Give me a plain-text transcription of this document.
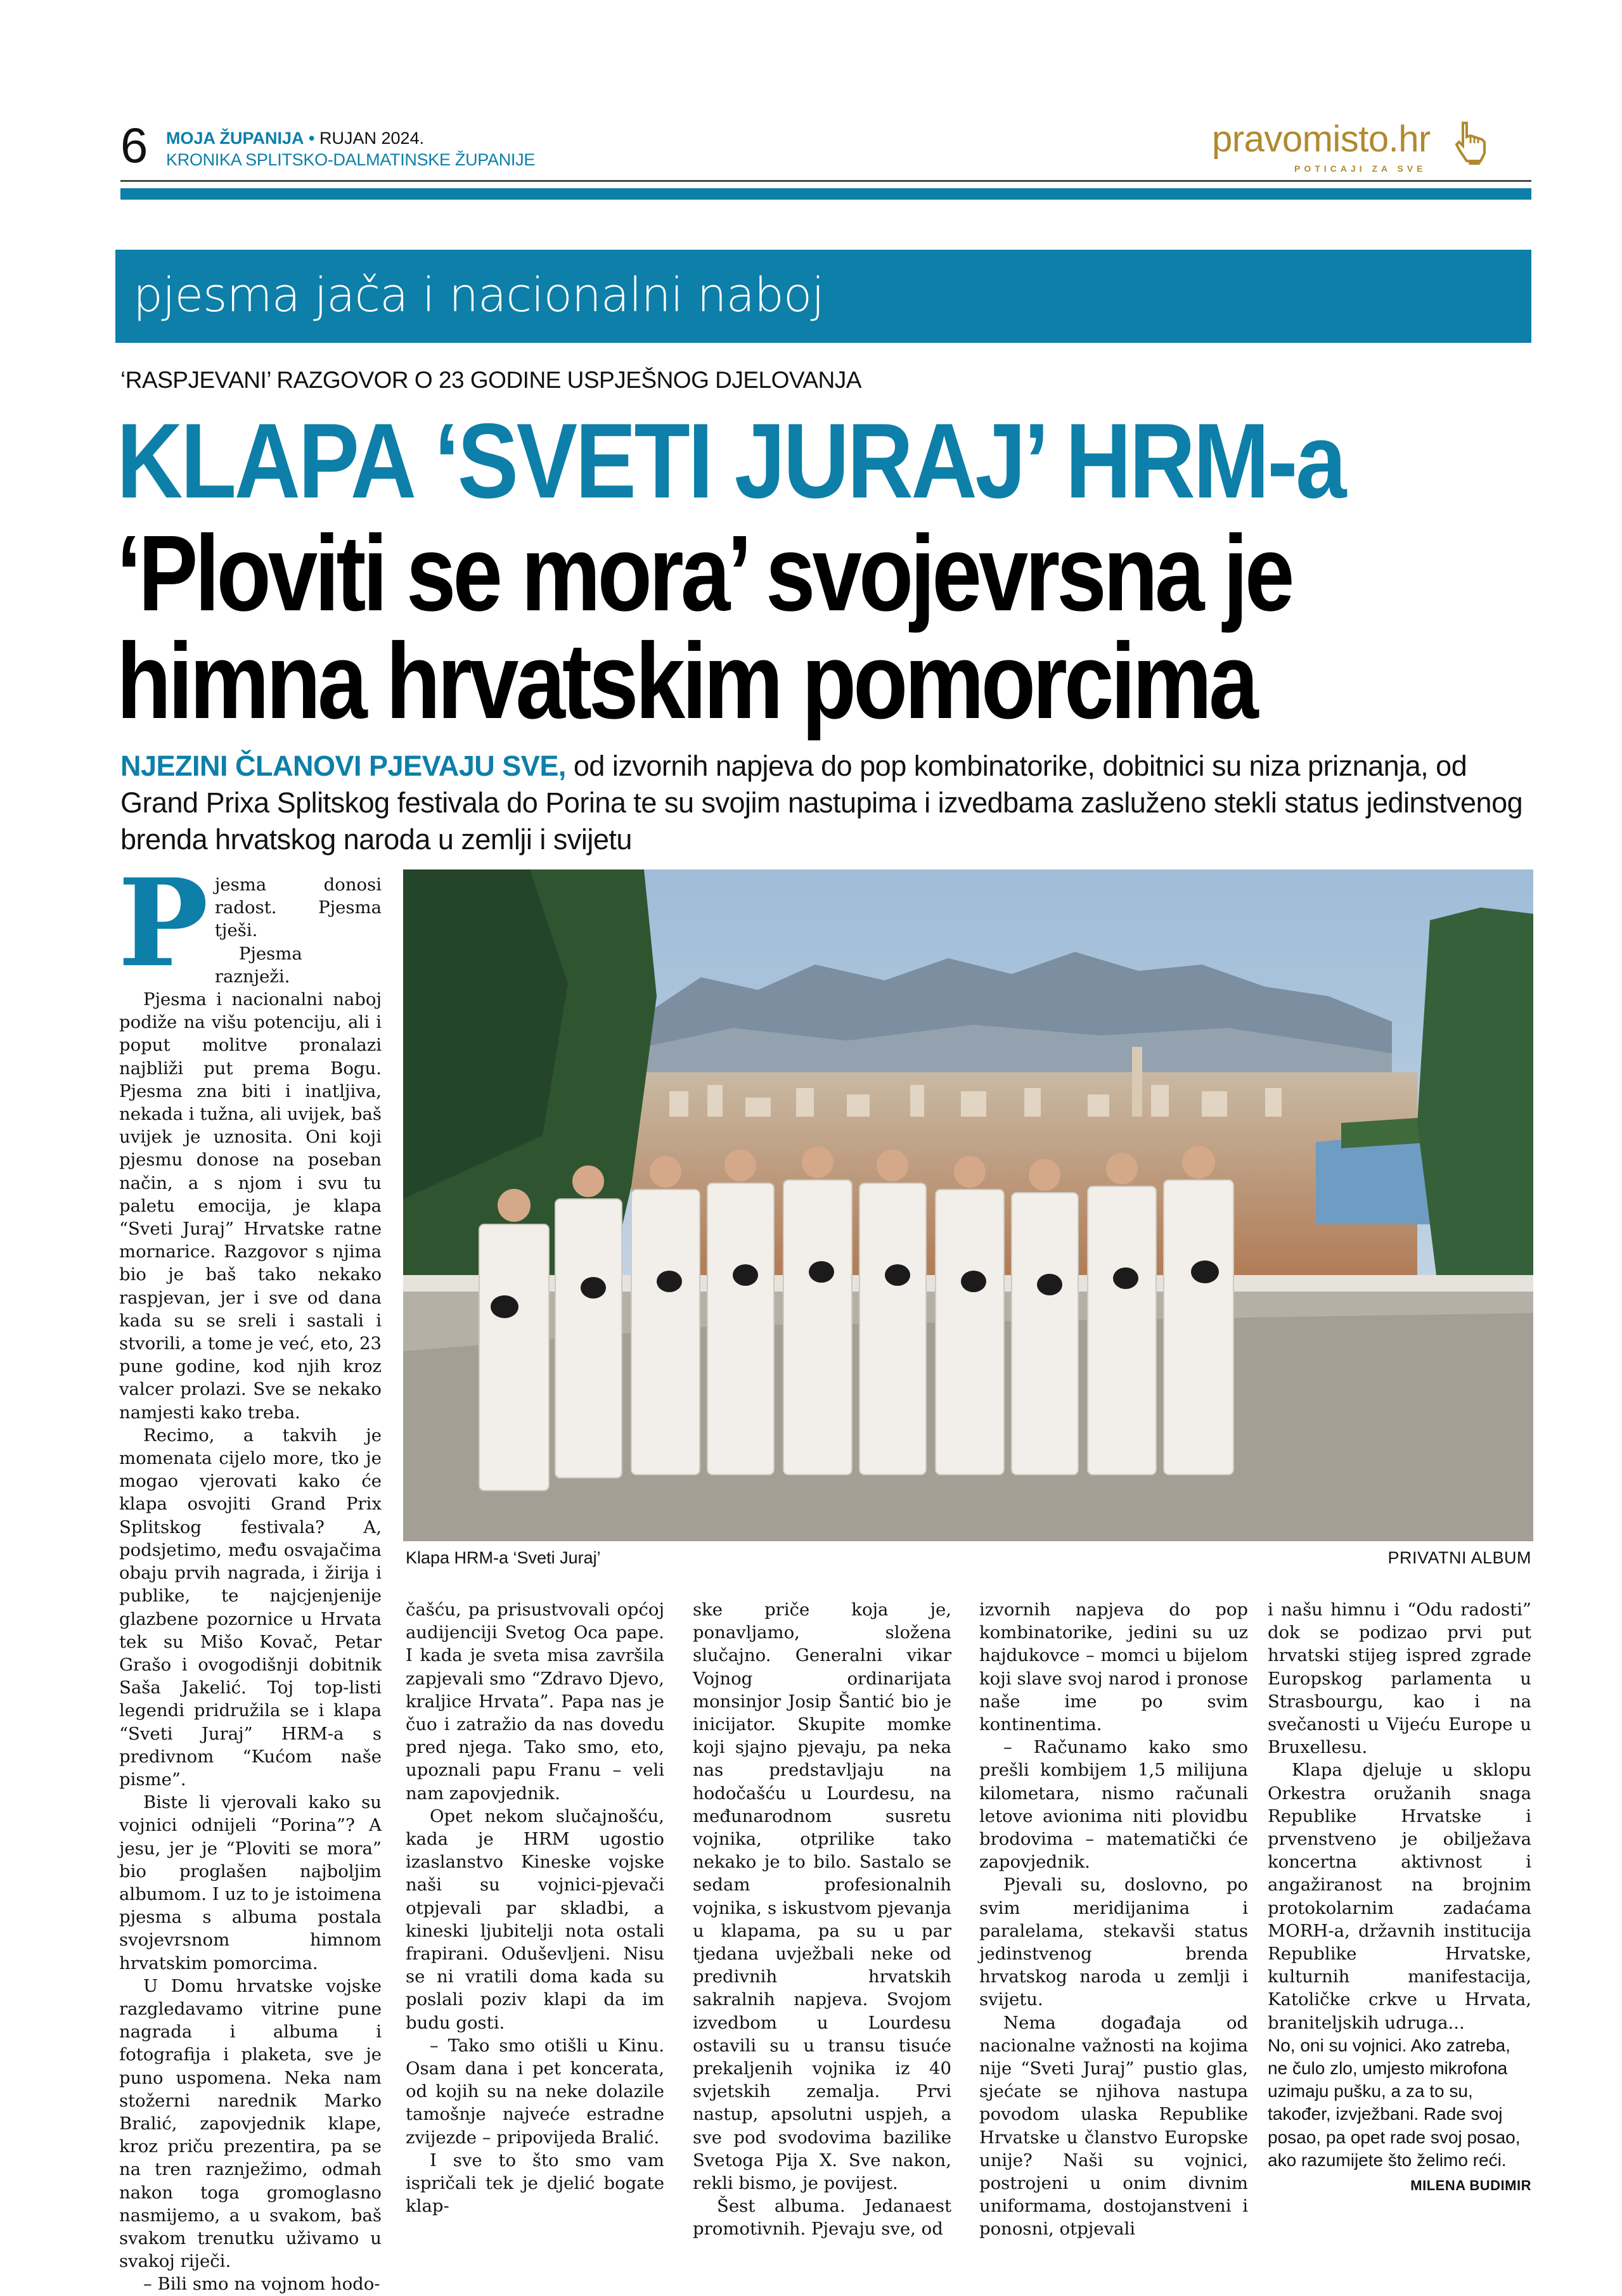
6 MOJA ŽUPANIJA • RUJAN 2024.
KRONIKA SPLITSKO-DALMATINSKE ŽUPANIJE	pravomisto.hr
POTICAJI ZA SVE
pjesma jača i nacionalni naboj
‘RASPJEVANI’ RAZGOVOR O 23 GODINE USPJEŠNOG DJELOVANJA
KLAPA ‘SVETI JURAJ’ HRM-a
‘Ploviti se mora’ svojevrsna je
himna hrvatskim pomorcima
NJEZINI ČLANOVI PJEVAJU SVE, od izvornih napjeva do pop kombinatorike, dobitnici su niza priznanja, od Grand Prixa Splitskog festivala do Porina te su svojim nastupima i izvedbama zasluženo stekli status jedinstvenog brenda hrvatskog naroda u zemlji i svijetu
Klapa HRM-a ‘Sveti Juraj’	PRIVATNI ALBUM
P jesma donosi radost. Pjesma tješi.

Pjesma raznježi.

Pjesma i nacionalni naboj podiže na višu potenciju, ali i poput molitve pronalazi najbliži put prema Bogu. Pjesma zna biti i inatljiva, nekada i tužna, ali uvijek, baš uvijek je uznosita. Oni koji pjesmu donose na poseban način, a s njom i svu tu paletu emocija, je klapa “Sveti Juraj” Hrvatske ratne mornarice. Razgovor s njima bio je baš tako nekako raspjevan, jer i sve od dana kada su se sreli i sastali i stvorili, a tome je već, eto, 23 pune godine, kod njih kroz valcer prolazi. Sve se nekako namjesti kako treba.

Recimo, a takvih je momenata cijelo more, tko je mogao vjerovati kako će klapa osvojiti Grand Prix Splitskog festivala? A, podsjetimo, među osvajačima obaju prvih nagrada, i žirija i publike, te najcjenjenije glazbene pozornice u Hrvata tek su Mišo Kovač, Petar Grašo i ovogodišnji dobitnik Saša Jakelić. Toj top-listi legendi pridružila se i klapa “Sveti Juraj” HRM-a s predivnom “Kućom naše pisme”.

Biste li vjerovali kako su vojnici odnijeli “Porina”? A jesu, jer je “Ploviti se mora” bio proglašen najboljim albumom. I uz to je istoimena pjesma s albuma postala svojevrsnom himnom hrvatskim pomorcima.

U Domu hrvatske vojske razgledavamo vitrine pune nagrada i albuma i fotografija i plaketa, sve je puno uspomena. Neka nam stožerni narednik Marko Bralić, zapovjednik klape, kroz priču prezentira, pa se na tren raznježimo, odmah nakon toga gromoglasno nasmijemo, a u svakom, baš svakom trenutku uživamo u svakoj riječi.

– Bili smo na vojnom hodo-

čašću, pa prisustvovali općoj audijenciji Svetog Oca pape. I kada je sveta misa završila zapjevali smo “Zdravo Djevo, kraljice Hrvata”. Papa nas je čuo i zatražio da nas dovedu pred njega. Tako smo, eto, upoznali papu Franu – veli nam zapovjednik.

Opet nekom slučajnošću, kada je HRM ugostio izaslanstvo Kineske vojske naši su vojnici-pjevači otpjevali par skladbi, a kineski ljubitelji nota ostali frapirani. Oduševljeni. Nisu se ni vratili doma kada su poslali poziv klapi da im budu gosti.

– Tako smo otišli u Kinu. Osam dana i pet koncerata, od kojih su na neke dolazile tamošnje najveće estradne zvijezde – pripovijeda Bralić.

I sve to što smo vam ispričali tek je djelić bogate klap-

ske priče koja je, ponavljamo, složena slučajno. Generalni vikar Vojnog ordinarijata monsinjor Josip Šantić bio je inicijator. Skupite momke koji sjajno pjevaju, pa neka nas predstavljaju na hodočašću u Lourdesu, na međunarodnom susretu vojnika, otprilike tako nekako je to bilo. Sastalo se sedam profesionalnih vojnika, s iskustvom pjevanja u klapama, pa su u par tjedana uvježbali neke od predivnih hrvatskih sakralnih napjeva. Svojom izvedbom u Lourdesu ostavili su u transu tisuće prekaljenih vojnika iz 40 svjetskih zemalja. Prvi nastup, apsolutni uspjeh, a sve pod svodovima bazilike Svetoga Pija X. Sve nakon, rekli bismo, je povijest.

Šest albuma. Jedanaest promotivnih. Pjevaju sve, od

izvornih napjeva do pop kombinatorike, jedini su uz hajdukovce – momci u bijelom koji slave svoj narod i pronose naše ime po svim kontinentima.

– Računamo kako smo prešli kombijem 1,5 milijuna kilometara, nismo računali letove avionima niti plovidbu brodovima – matematički će zapovjednik.

Pjevali su, doslovno, po svim meridijanima i paralelama, stekavši status jedinstvenog brenda hrvatskog naroda u zemlji i svijetu.

Nema događaja od nacionalne važnosti na kojima nije “Sveti Juraj” pustio glas, sjećate se njihova nastupa povodom ulaska Republike Hrvatske u članstvo Europske unije? Naši su vojnici, postrojeni u onim divnim uniformama, dostojanstveni i ponosni, otpjevali

i našu himnu i “Odu radosti” dok se podizao prvi put hrvatski stijeg ispred zgrade Europskog parlamenta u Strasbourgu, kao i na svečanosti u Vijeću Europe u Bruxellesu.

Klapa djeluje u sklopu Orkestra oružanih snaga Republike Hrvatske i prvenstveno je obilježava koncertna aktivnost i angažiranost na brojnim protokolarnim zadaćama MORH-a, državnih institucija Republike Hrvatske, kulturnih manifestacija, Katoličke crkve u Hrvata, braniteljskih udruga...

No, oni su vojnici. Ako zatreba, ne čulo zlo, umjesto mikrofona uzimaju pušku, a za to su, također, izvježbani. Rade svoj posao, pa opet rade svoj posao, ako razumijete što želimo reći.
MILENA BUDIMIR
